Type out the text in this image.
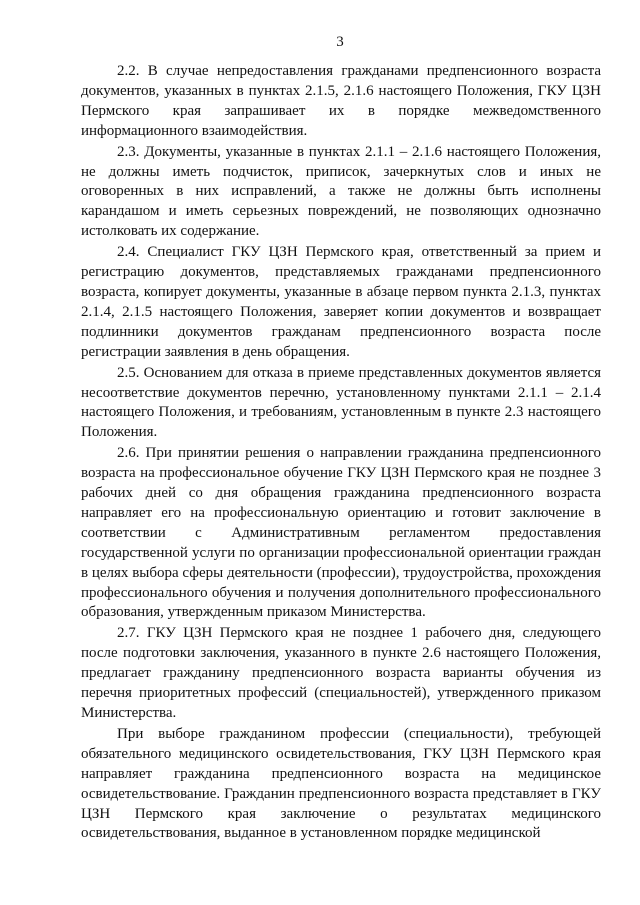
3

2.2. В случае непредоставления гражданами предпенсионного возраста документов, указанных в пунктах 2.1.5, 2.1.6 настоящего Положения, ГКУ ЦЗН Пермского края запрашивает их в порядке межведомственного информационного взаимодействия.

2.3. Документы, указанные в пунктах 2.1.1 – 2.1.6 настоящего Положения, не должны иметь подчисток, приписок, зачеркнутых слов и иных не оговоренных в них исправлений, а также не должны быть исполнены карандашом и иметь серьезных повреждений, не позволяющих однозначно истолковать их содержание.

2.4. Специалист ГКУ ЦЗН Пермского края, ответственный за прием и регистрацию документов, представляемых гражданами предпенсионного возраста, копирует документы, указанные в абзаце первом пункта 2.1.3, пунктах 2.1.4, 2.1.5 настоящего Положения, заверяет копии документов и возвращает подлинники документов гражданам предпенсионного возраста после регистрации заявления в день обращения.

2.5. Основанием для отказа в приеме представленных документов является несоответствие документов перечню, установленному пунктами 2.1.1 – 2.1.4 настоящего Положения, и требованиям, установленным в пункте 2.3 настоящего Положения.

2.6. При принятии решения о направлении гражданина предпенсионного возраста на профессиональное обучение ГКУ ЦЗН Пермского края не позднее 3 рабочих дней со дня обращения гражданина предпенсионного возраста направляет его на профессиональную ориентацию и готовит заключение в соответствии с Административным регламентом предоставления государственной услуги по организации профессиональной ориентации граждан в целях выбора сферы деятельности (профессии), трудоустройства, прохождения профессионального обучения и получения дополнительного профессионального образования, утвержденным приказом Министерства.

2.7. ГКУ ЦЗН Пермского края не позднее 1 рабочего дня, следующего после подготовки заключения, указанного в пункте 2.6 настоящего Положения, предлагает гражданину предпенсионного возраста варианты обучения из перечня приоритетных профессий (специальностей), утвержденного приказом Министерства.

При выборе гражданином профессии (специальности), требующей обязательного медицинского освидетельствования, ГКУ ЦЗН Пермского края направляет гражданина предпенсионного возраста на медицинское освидетельствование. Гражданин предпенсионного возраста представляет в ГКУ ЦЗН Пермского края заключение о результатах медицинского освидетельствования, выданное в установленном порядке медицинской
